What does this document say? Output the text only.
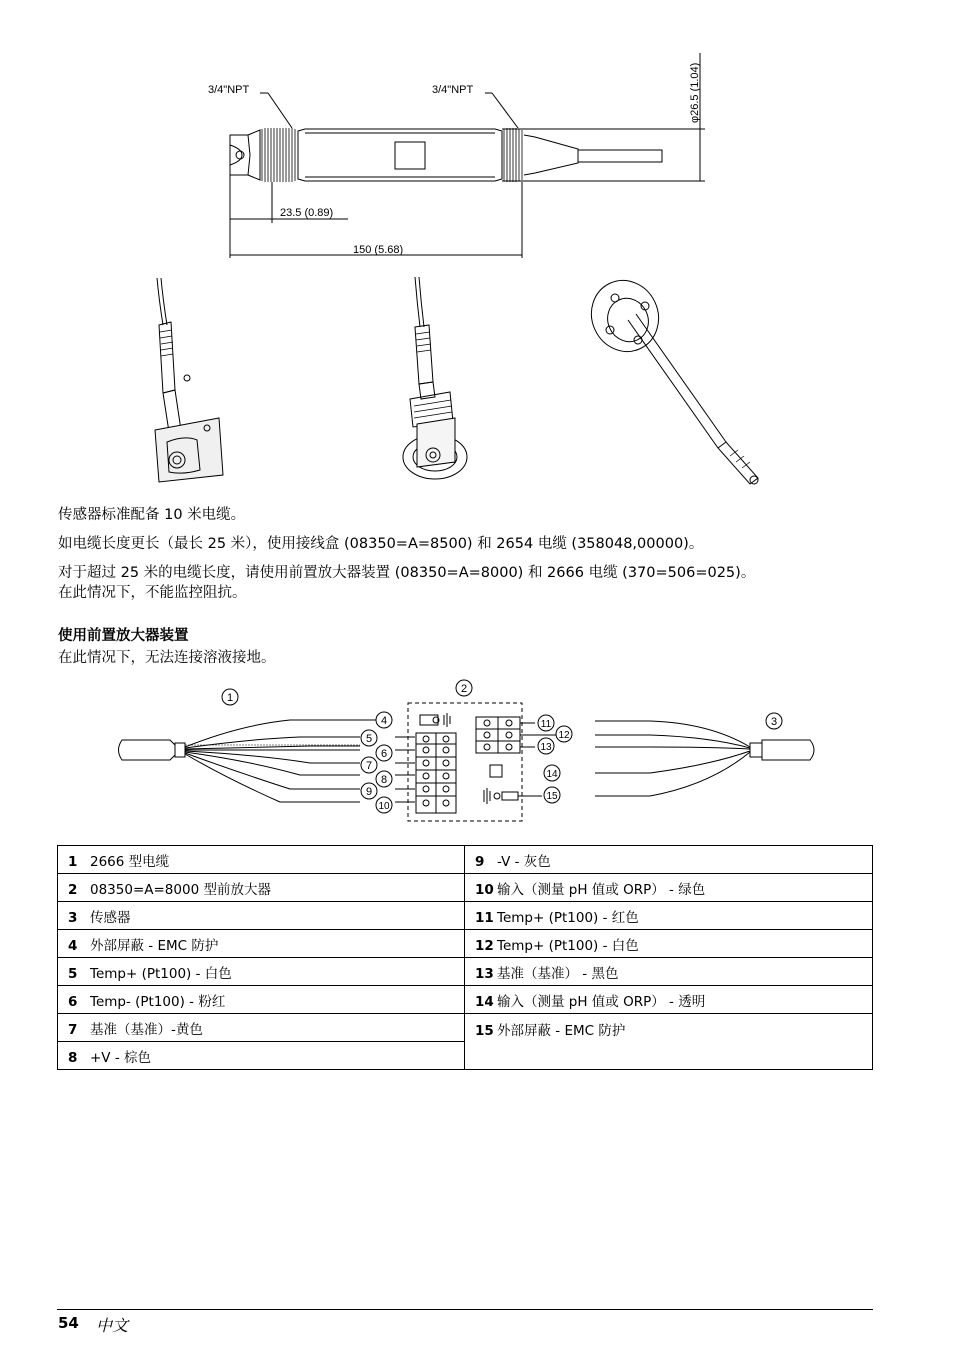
3/4"NPT	3/4"NPT	φ26.5 (1.04)
23.5 (0.89)
150 (5.68)
传感器标准配备 10 米电缆。
如电缆长度更长（最长 25 米），使用接线盒 (08350=A=8500) 和 2654 电缆 (358048,00000)。
对于超过 25 米的电缆长度，请使用前置放大器装置 (08350=A=8000) 和 2666 电缆 (370=506=025)。
在此情况下，不能监控阻抗。
使用前置放大器装置
在此情况下，无法连接溶液接地。
1
2
3
4
5
6
7
8
9
10
11
12
13
14
15
1 2666 型电缆	9 -V - 灰色
2 08350=A=8000 型前放大器	10 输入（测量 pH 值或 ORP） - 绿色
3 传感器	11 Temp+ (Pt100) - 红色
4 外部屏蔽 - EMC 防护	12 Temp+ (Pt100) - 白色
5 Temp+ (Pt100) - 白色	13 基准（基准） - 黑色
6 Temp- (Pt100) - 粉红	14 输入（测量 pH 值或 ORP） - 透明
7 基准（基准）-黄色	15 外部屏蔽 - EMC 防护
8 +V - 棕色	
54 中文
